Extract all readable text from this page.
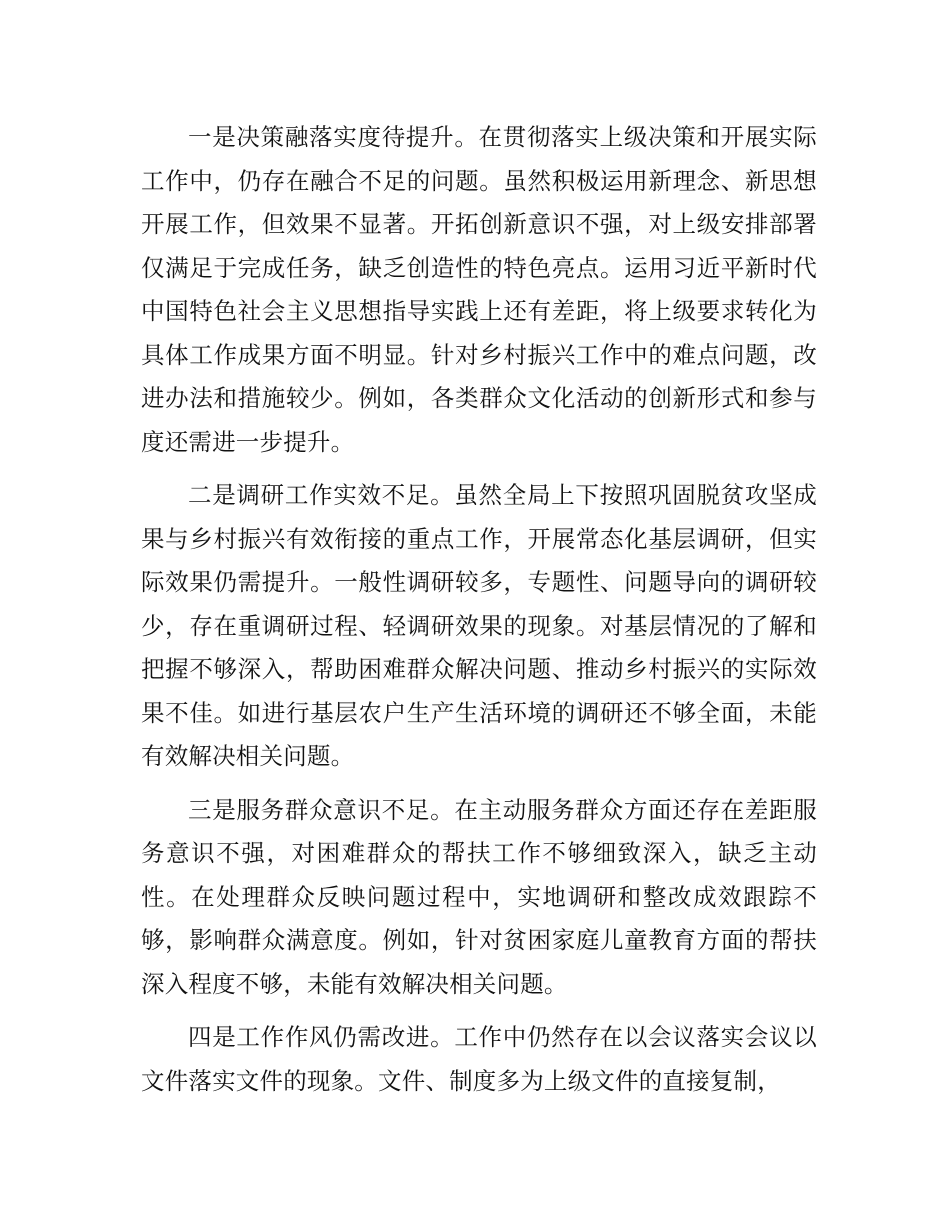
一是决策融落实度待提升。在贯彻落实上级决策和开展实际工作中，仍存在融合不足的问题。虽然积极运用新理念、新思想开展工作，但效果不显著。开拓创新意识不强，对上级安排部署仅满足于完成任务，缺乏创造性的特色亮点。运用习近平新时代中国特色社会主义思想指导实践上还有差距，将上级要求转化为具体工作成果方面不明显。针对乡村振兴工作中的难点问题，改进办法和措施较少。例如，各类群众文化活动的创新形式和参与度还需进一步提升。

二是调研工作实效不足。虽然全局上下按照巩固脱贫攻坚成果与乡村振兴有效衔接的重点工作，开展常态化基层调研，但实际效果仍需提升。一般性调研较多，专题性、问题导向的调研较少，存在重调研过程、轻调研效果的现象。对基层情况的了解和把握不够深入，帮助困难群众解决问题、推动乡村振兴的实际效果不佳。如进行基层农户生产生活环境的调研还不够全面，未能有效解决相关问题。

三是服务群众意识不足。在主动服务群众方面还存在差距服务意识不强，对困难群众的帮扶工作不够细致深入，缺乏主动性。在处理群众反映问题过程中，实地调研和整改成效跟踪不够，影响群众满意度。例如，针对贫困家庭儿童教育方面的帮扶深入程度不够，未能有效解决相关问题。

四是工作作风仍需改进。工作中仍然存在以会议落实会议以文件落实文件的现象。文件、制度多为上级文件的直接复制，
